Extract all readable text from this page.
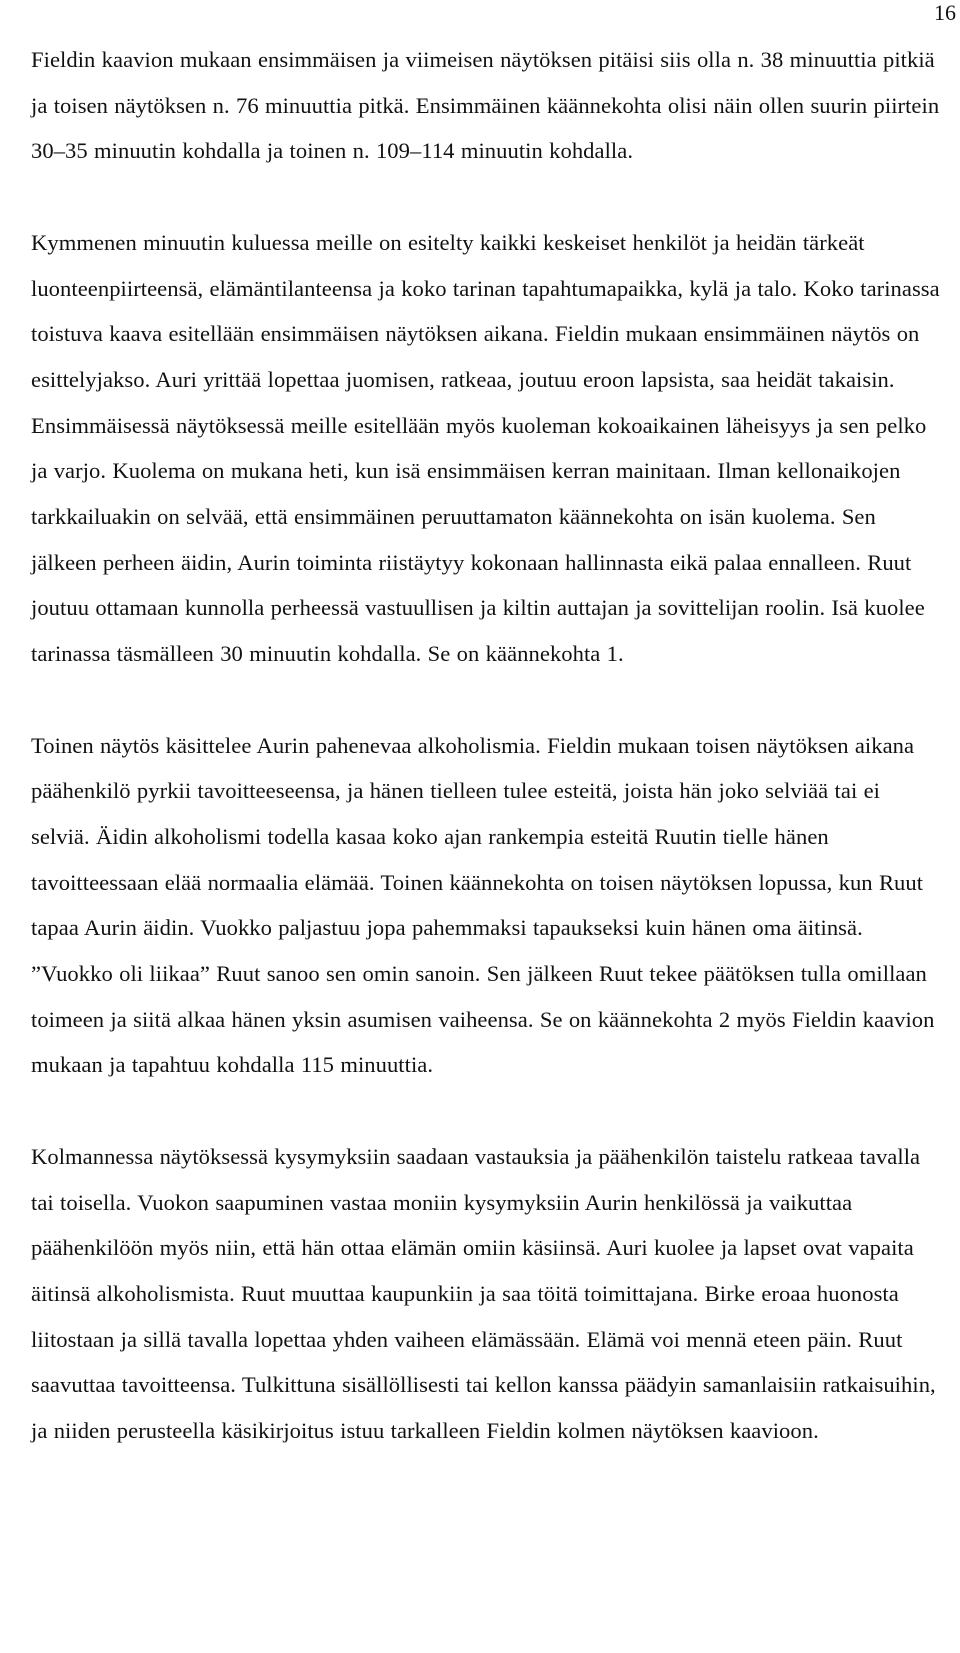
16

Fieldin kaavion mukaan ensimmäisen ja viimeisen näytöksen pitäisi siis olla n. 38 minuuttia pitkiä ja toisen näytöksen n. 76 minuuttia pitkä. Ensimmäinen käännekohta olisi näin ollen suurin piirtein 30–35 minuutin kohdalla ja toinen n. 109–114 minuutin kohdalla.

Kymmenen minuutin kuluessa meille on esitelty kaikki keskeiset henkilöt ja heidän tärkeät luonteenpiirteensä, elämäntilanteensa ja koko tarinan tapahtumapaikka, kylä ja talo. Koko tarinassa toistuva kaava esitellään ensimmäisen näytöksen aikana. Fieldin mukaan ensimmäinen näytös on esittelyjakso. Auri yrittää lopettaa juomisen, ratkeaa, joutuu eroon lapsista, saa heidät takaisin. Ensimmäisessä näytöksessä meille esitellään myös kuoleman kokoaikainen läheisyys ja sen pelko ja varjo. Kuolema on mukana heti, kun isä ensimmäisen kerran mainitaan. Ilman kellonaikojen tarkkailuakin on selvää, että ensimmäinen peruuttamaton käännekohta on isän kuolema. Sen jälkeen perheen äidin, Aurin toiminta riistäytyy kokonaan hallinnasta eikä palaa ennalleen. Ruut joutuu ottamaan kunnolla perheessä vastuullisen ja kiltin auttajan ja sovittelijan roolin. Isä kuolee tarinassa täsmälleen 30 minuutin kohdalla. Se on käännekohta 1.

Toinen näytös käsittelee Aurin pahenevaa alkoholismia. Fieldin mukaan toisen näytöksen aikana päähenkilö pyrkii tavoitteeseensa, ja hänen tielleen tulee esteitä, joista hän joko selviää tai ei selviä. Äidin alkoholismi todella kasaa koko ajan rankempia esteitä Ruutin tielle hänen tavoitteessaan elää normaalia elämää. Toinen käännekohta on toisen näytöksen lopussa, kun Ruut tapaa Aurin äidin. Vuokko paljastuu jopa pahemmaksi tapaukseksi kuin hänen oma äitinsä. ”Vuokko oli liikaa” Ruut sanoo sen omin sanoin. Sen jälkeen Ruut tekee päätöksen tulla omillaan toimeen ja siitä alkaa hänen yksin asumisen vaiheensa. Se on käännekohta 2 myös Fieldin kaavion mukaan ja tapahtuu kohdalla 115 minuuttia.

Kolmannessa näytöksessä kysymyksiin saadaan vastauksia ja päähenkilön taistelu ratkeaa tavalla tai toisella. Vuokon saapuminen vastaa moniin kysymyksiin Aurin henkilössä ja vaikuttaa päähenkilöön myös niin, että hän ottaa elämän omiin käsiinsä. Auri kuolee ja lapset ovat vapaita äitinsä alkoholismista. Ruut muuttaa kaupunkiin ja saa töitä toimittajana. Birke eroaa huonosta liitostaan ja sillä tavalla lopettaa yhden vaiheen elämässään. Elämä voi mennä eteen päin. Ruut saavuttaa tavoitteensa. Tulkittuna sisällöllisesti tai kellon kanssa päädyin samanlaisiin ratkaisuihin, ja niiden perusteella käsikirjoitus istuu tarkalleen Fieldin kolmen näytöksen kaavioon.
